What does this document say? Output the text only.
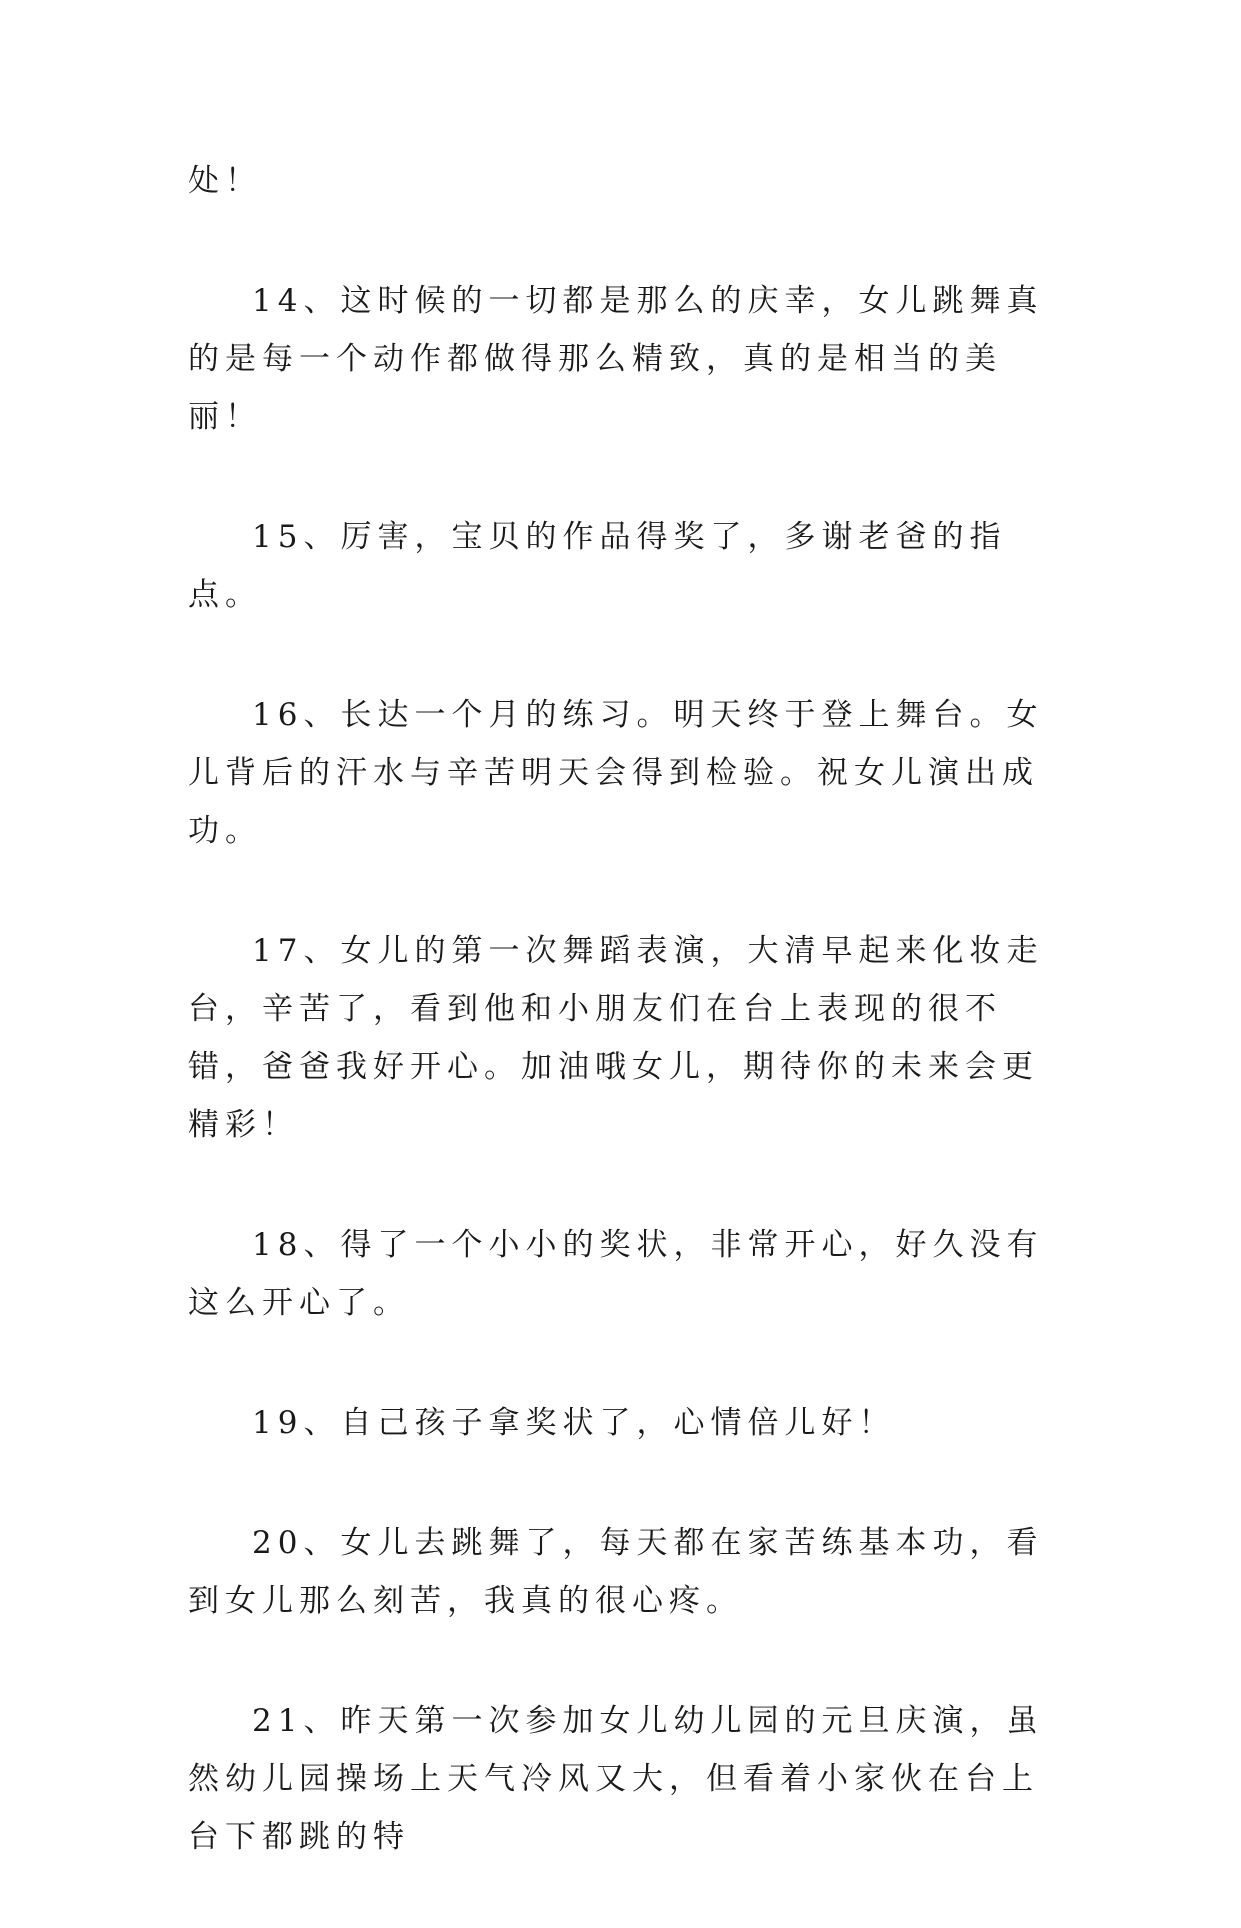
处！

14、这时候的一切都是那么的庆幸，女儿跳舞真的是每一个动作都做得那么精致，真的是相当的美丽！

15、厉害，宝贝的作品得奖了，多谢老爸的指点。

16、长达一个月的练习。明天终于登上舞台。女儿背后的汗水与辛苦明天会得到检验。祝女儿演出成功。

17、女儿的第一次舞蹈表演，大清早起来化妆走台，辛苦了，看到他和小朋友们在台上表现的很不错，爸爸我好开心。加油哦女儿，期待你的未来会更精彩！

18、得了一个小小的奖状，非常开心，好久没有这么开心了。

19、自己孩子拿奖状了，心情倍儿好！

20、女儿去跳舞了，每天都在家苦练基本功，看到女儿那么刻苦，我真的很心疼。

21、昨天第一次参加女儿幼儿园的元旦庆演，虽然幼儿园操场上天气冷风又大，但看着小家伙在台上台下都跳的特
